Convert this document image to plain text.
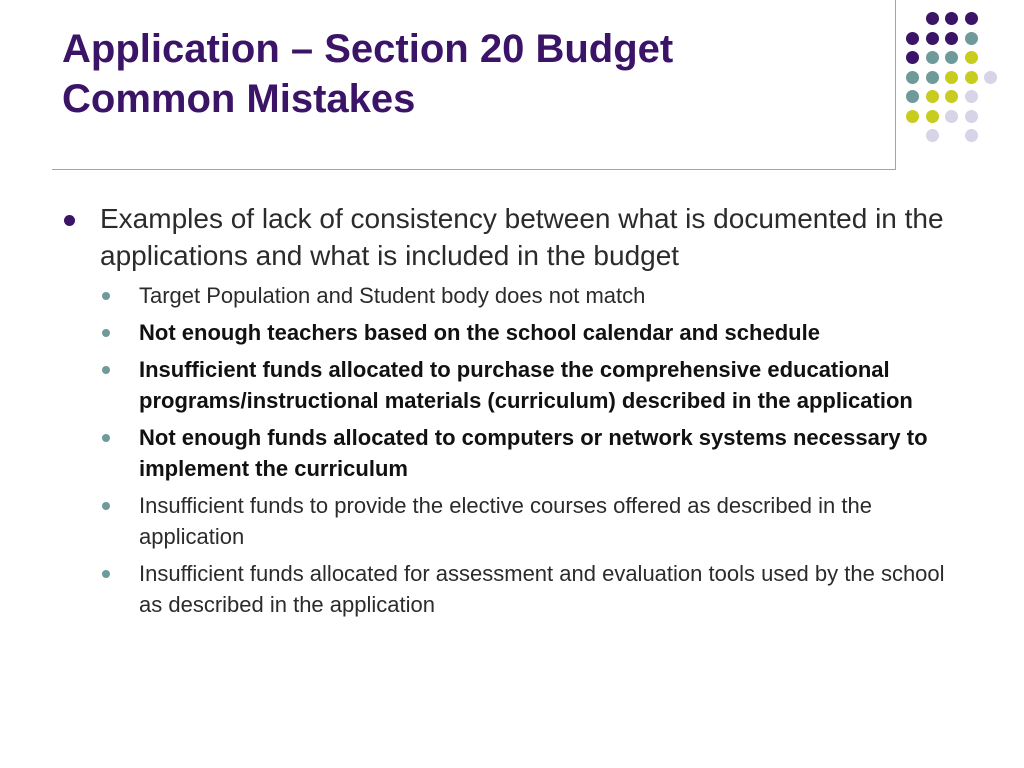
Application – Section 20 Budget
Common Mistakes
Examples of lack of consistency between what is documented in the applications and what is included in the budget
Target Population and Student body does not match
Not enough teachers based on the school calendar and schedule
Insufficient funds allocated to purchase the comprehensive educational programs/instructional materials (curriculum) described in the application
Not enough funds allocated to computers or network systems necessary to implement the curriculum
Insufficient funds to provide the elective courses offered as described in the application
Insufficient funds allocated for assessment and evaluation tools used by the school as described in the application
